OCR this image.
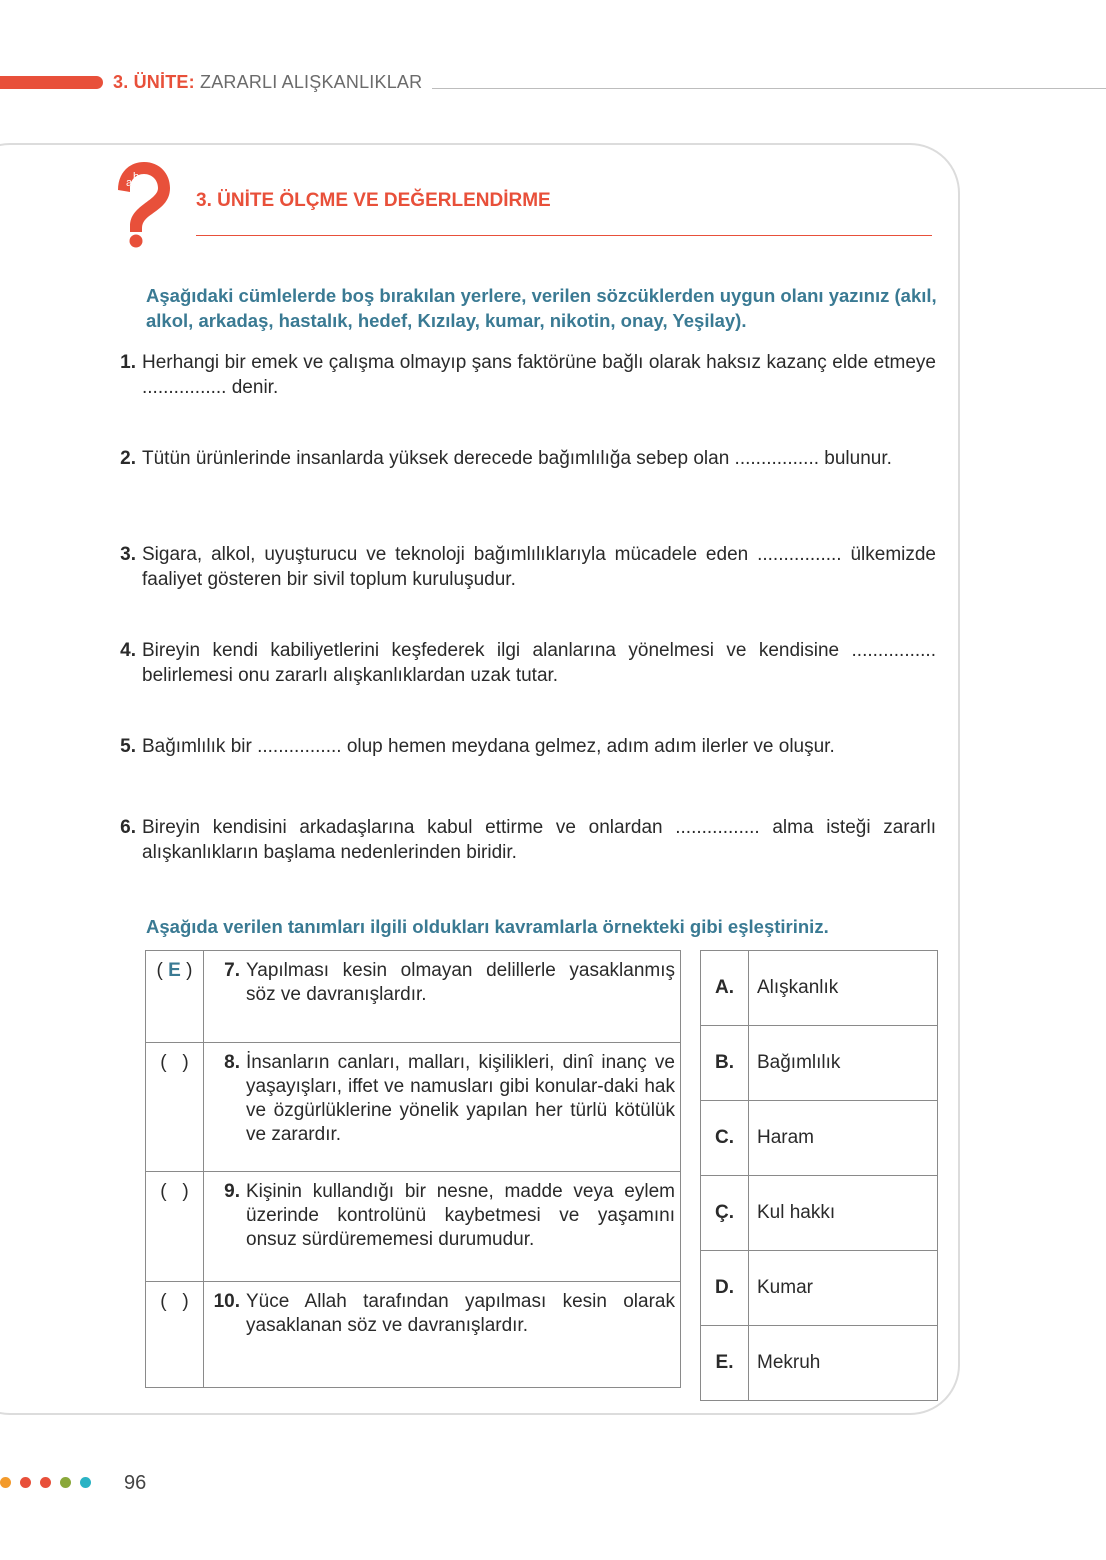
3. ÜNİTE: ZARARLI ALIŞKANLIKLAR
a b
c d	3. ÜNİTE ÖLÇME VE DEĞERLENDİRME
Aşağıdaki cümlelerde boş bırakılan yerlere, verilen sözcüklerden uygun olanı yazınız (akıl, alkol, arkadaş, hastalık, hedef, Kızılay, kumar, nikotin, onay, Yeşilay).
1. Herhangi bir emek ve çalışma olmayıp şans faktörüne bağlı olarak haksız kazanç elde etmeye ................ denir.
2. Tütün ürünlerinde insanlarda yüksek derecede bağımlılığa sebep olan ................ bulunur.
3. Sigara, alkol, uyuşturucu ve teknoloji bağımlılıklarıyla mücadele eden ................ ülkemizde faaliyet gösteren bir sivil toplum kuruluşudur.
4. Bireyin kendi kabiliyetlerini keşfederek ilgi alanlarına yönelmesi ve kendisine ................ belirlemesi onu zararlı alışkanlıklardan uzak tutar.
5. Bağımlılık bir ................ olup hemen meydana gelmez, adım adım ilerler ve oluşur.
6. Bireyin kendisini arkadaşlarına kabul ettirme ve onlardan ................ alma isteği zararlı alışkanlıkların başlama nedenlerinden biridir.
Aşağıda verilen tanımları ilgili oldukları kavramlarla örnekteki gibi eşleştiriniz.
( E )	7. Yapılması kesin olmayan delillerle yasaklanmış söz ve davranışlardır.

( )	8. İnsanların canları, malları, kişilikleri, dinî inanç ve yaşayışları, iffet ve namusları gibi konular-daki hak ve özgürlüklerine yönelik yapılan her türlü kötülük ve zarardır.

( )	9. Kişinin kullandığı bir nesne, madde veya eylem üzerinde kontrolünü kaybetmesi ve yaşamını onsuz sürdürememesi durumudur.

( )	10. Yüce Allah tarafından yapılması kesin olarak yasaklanan söz ve davranışlardır.
A.	Alışkanlık
B.	Bağımlılık
C.	Haram
Ç.	Kul hakkı
D.	Kumar
E.	Mekruh
96
